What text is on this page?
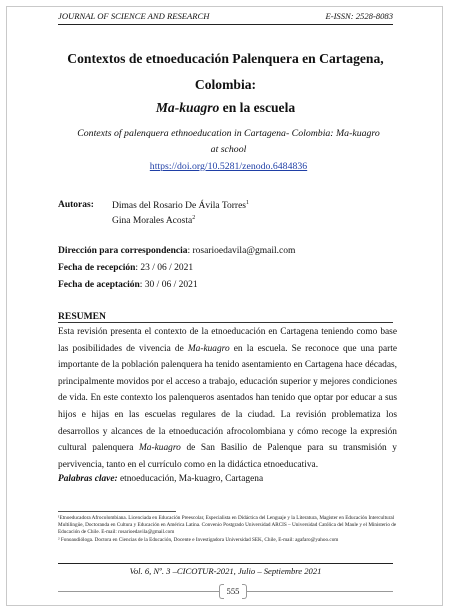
JOURNAL OF SCIENCE AND RESEARCH	E-ISSN: 2528-8083
Contextos de etnoeducación Palenquera en Cartagena,
Colombia:
Ma-kuagro en la escuela
Contexts of palenquera ethnoeducation in Cartagena- Colombia: Ma-kuagro
at school
https://doi.org/10.5281/zenodo.6484836
Autoras: Dimas del Rosario De Ávila Torres$^1$
Gina Morales Acosta$^2$
Dirección para correspondencia: rosarioedavila@gmail.com
Fecha de recepción: 23 / 06 / 2021
Fecha de aceptación: 30 / 06 / 2021
RESUMEN
Esta revisión presenta el contexto de la etnoeducación en Cartagena teniendo como base las posibilidades de vivencia de Ma-kuagro en la escuela. Se reconoce que una parte importante de la población palenquera ha tenido asentamiento en Cartagena hace décadas, principalmente movidos por el acceso a trabajo, educación superior y mejores condiciones de vida. En este contexto los palenqueros asentados han tenido que optar por educar a sus hijos e hijas en las escuelas regulares de la ciudad. La revisión problematiza los desarrollos y alcances de la etnoeducación afrocolombiana y cómo recoge la expresión cultural palenquera Ma-kuagro de San Basilio de Palenque para su transmisión y pervivencia, tanto en el currículo como en la didáctica etnoeducativa.
Palabras clave: etnoeducación, Ma-kuagro, Cartagena
¹Etnoeducadora Afrocolombiana. Licenciada en Educación Preescolar, Especialista en Didáctica del Lenguaje y la Literatura, Magister en Educación Intercultural Multilingüe, Doctoranda en Cultura y Educación en América Latina. Convenio Postgrado Universidad ARCIS – Universidad Católica del Maule y el Ministerio de Educación de Chile. E-mail: rosarioedavila@gmail.com
² Fonoaudióloga. Doctora en Ciencias de la Educación, Docente e Investigadora Universidad SEK, Chile, E-mail: agafaro@yahoo.com
Vol. 6, Nº. 3 –CICOTUR-2021, Julio – Septiembre 2021
555
